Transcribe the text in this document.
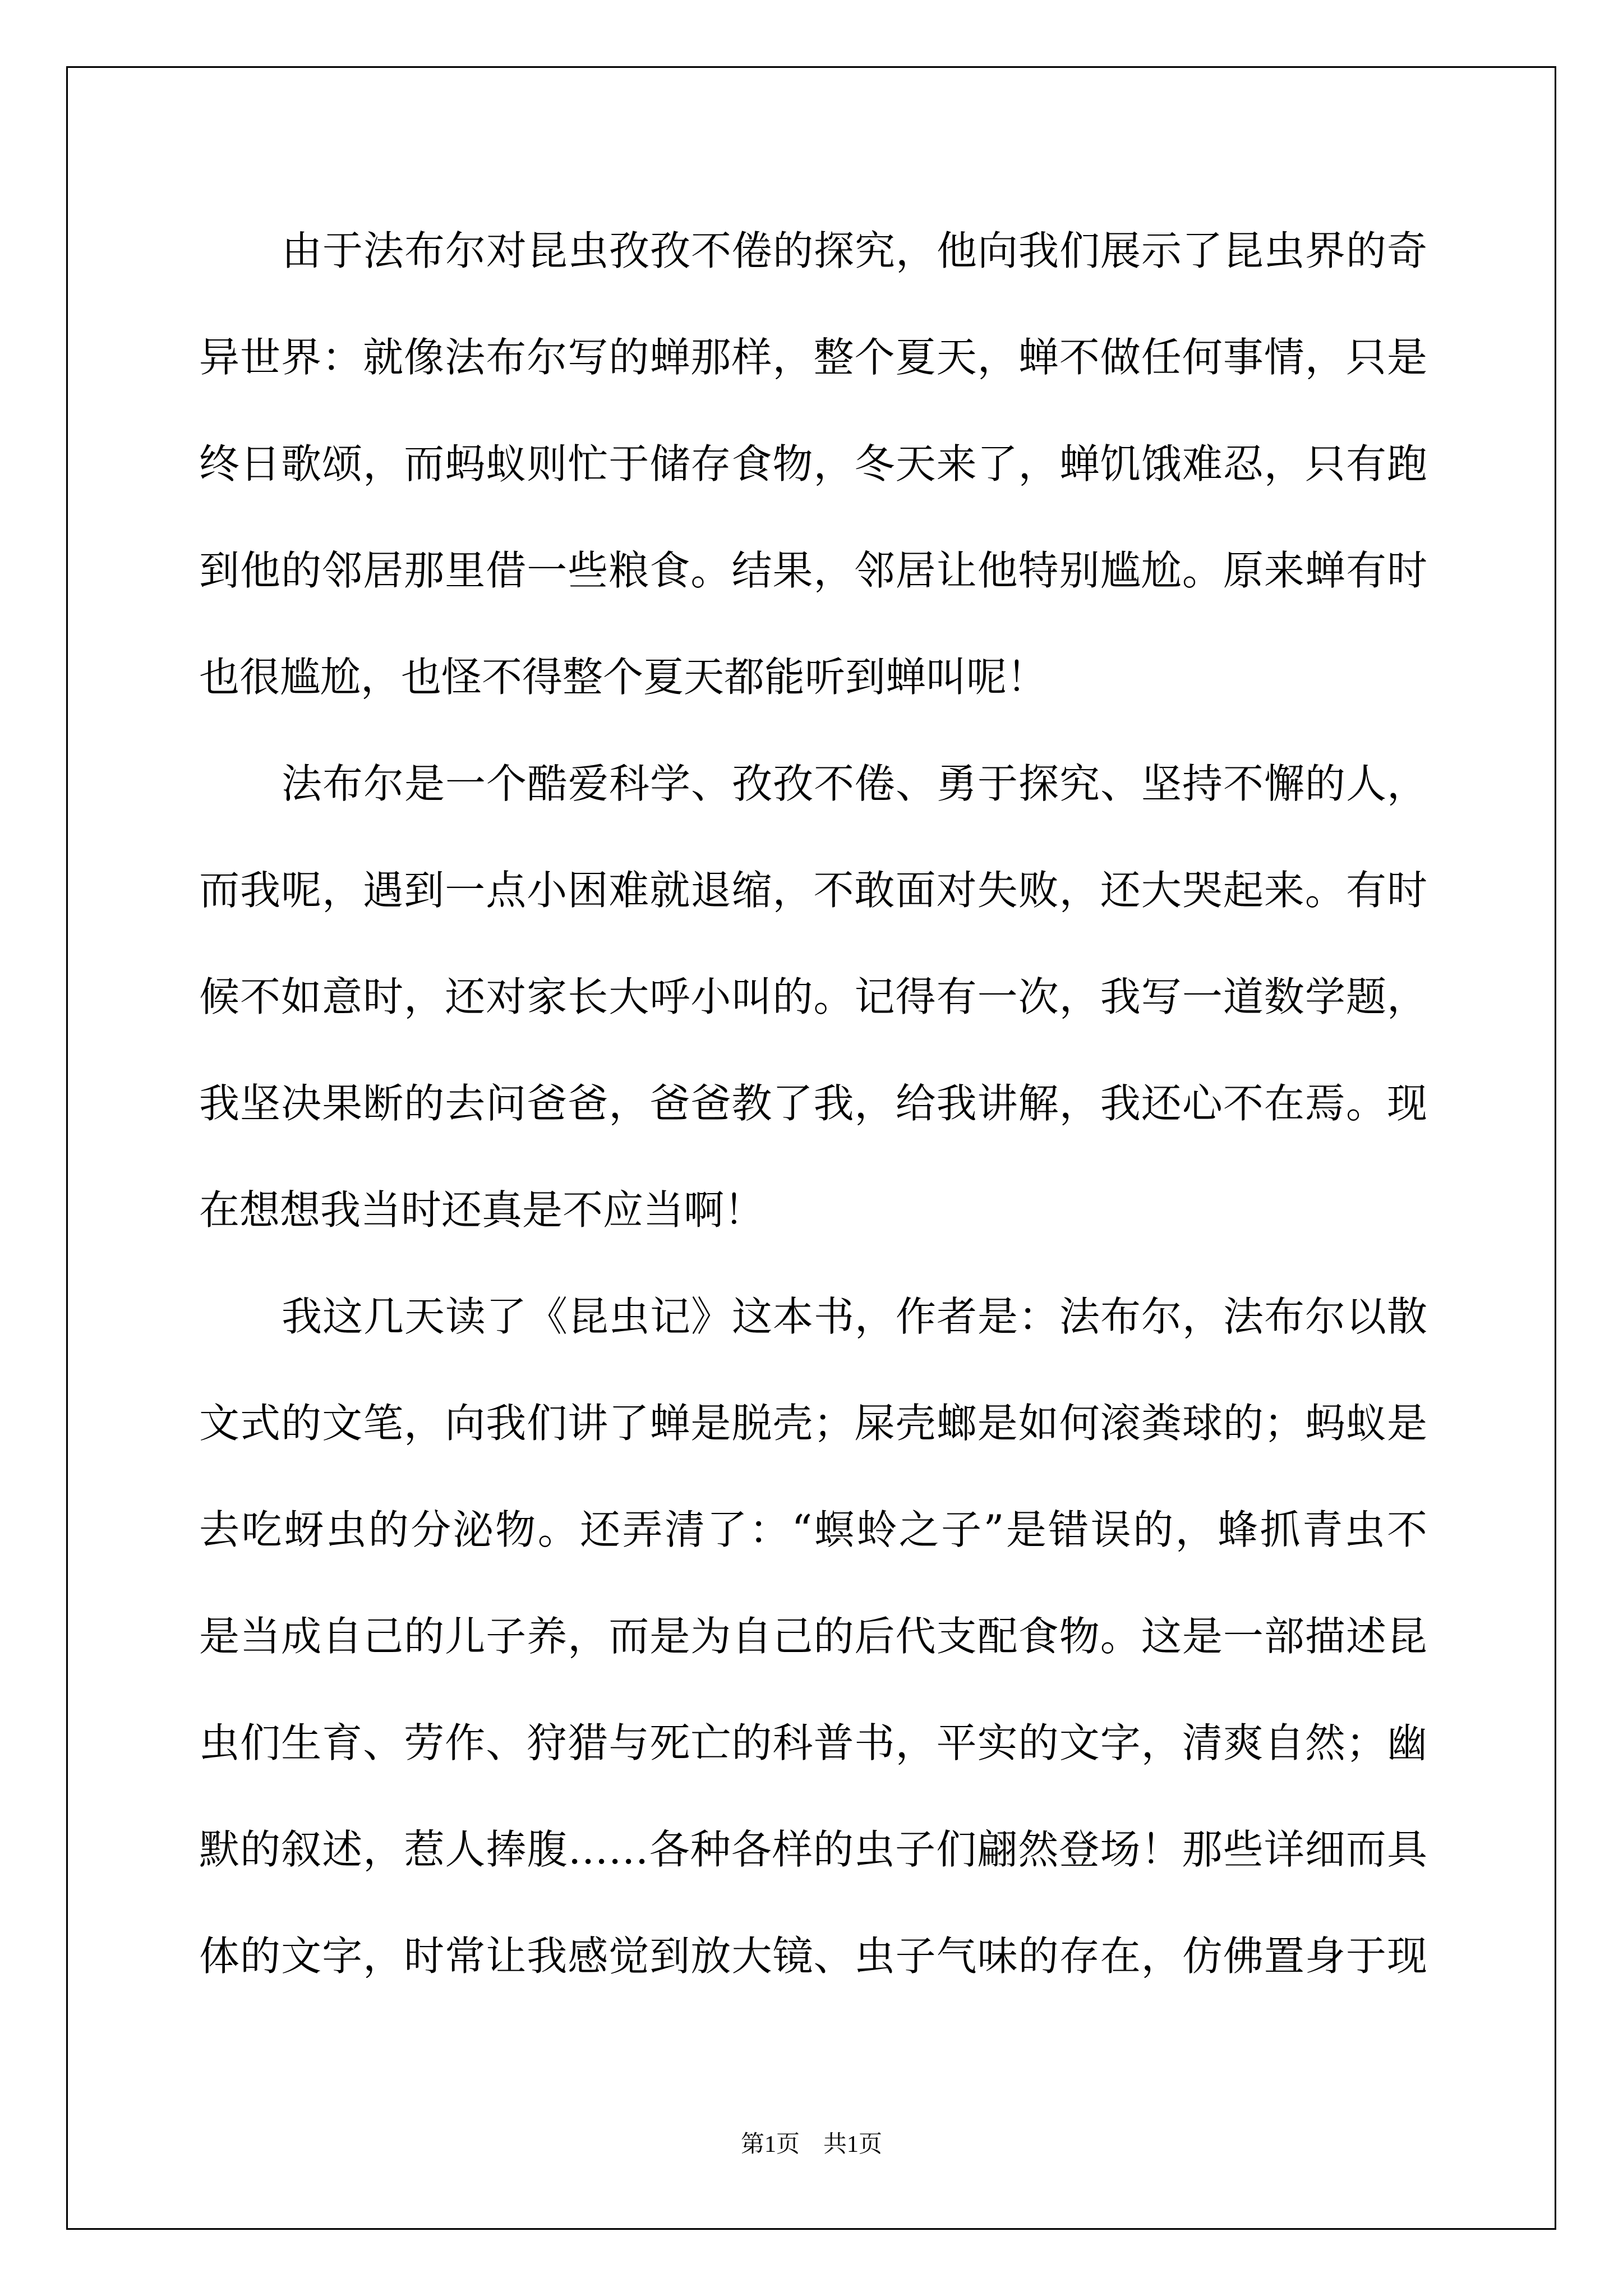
由于法布尔对昆虫孜孜不倦的探究，他向我们展示了昆虫界的奇
异世界：就像法布尔写的蝉那样，整个夏天，蝉不做任何事情，只是
终日歌颂，而蚂蚁则忙于储存食物，冬天来了，蝉饥饿难忍，只有跑
到他的邻居那里借一些粮食。结果，邻居让他特别尴尬。原来蝉有时
也很尴尬，也怪不得整个夏天都能听到蝉叫呢！
法布尔是一个酷爱科学、孜孜不倦、勇于探究、坚持不懈的人，
而我呢，遇到一点小困难就退缩，不敢面对失败，还大哭起来。有时
候不如意时，还对家长大呼小叫的。记得有一次，我写一道数学题，
我坚决果断的去问爸爸，爸爸教了我，给我讲解，我还心不在焉。现
在想想我当时还真是不应当啊！
我这几天读了《昆虫记》这本书，作者是：法布尔，法布尔以散
文式的文笔，向我们讲了蝉是脱壳；屎壳螂是如何滚粪球的；蚂蚁是
去吃蚜虫的分泌物。还弄清了：“螟蛉之子”是错误的，蜂抓青虫不
是当成自己的儿子养，而是为自己的后代支配食物。这是一部描述昆
虫们生育、劳作、狩猎与死亡的科普书，平实的文字，清爽自然；幽
默的叙述，惹人捧腹……各种各样的虫子们翩然登场！那些详细而具
体的文字，时常让我感觉到放大镜、虫子气味的存在，仿佛置身于现
第1页　共1页
